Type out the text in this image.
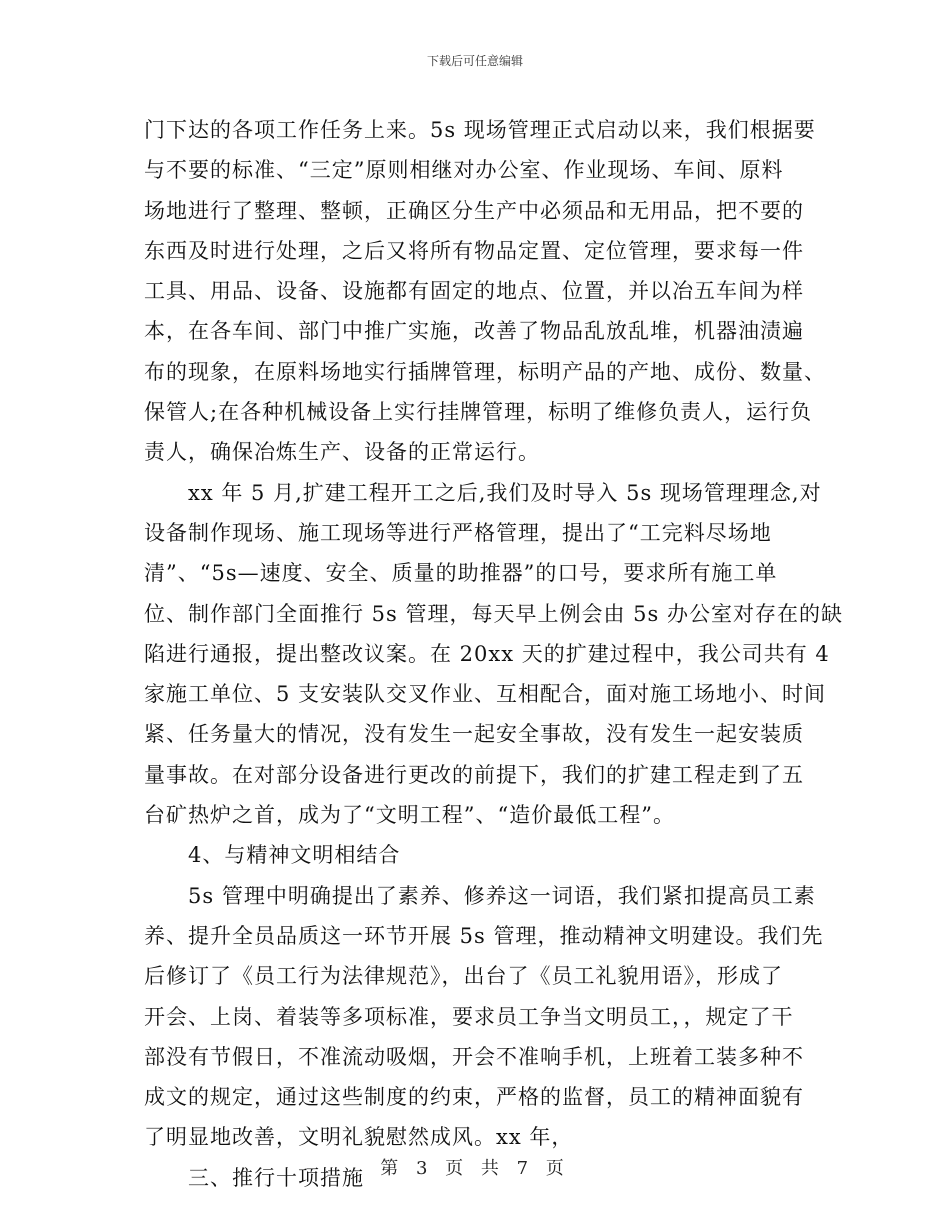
下载后可任意编辑
门下达的各项工作任务上来。5s 现场管理正式启动以来，我们根据要
与不要的标准、“三定”原则相继对办公室、作业现场、车间、原料
场地进行了整理、整顿，正确区分生产中必须品和无用品，把不要的
东西及时进行处理，之后又将所有物品定置、定位管理，要求每一件
工具、用品、设备、设施都有固定的地点、位置，并以冶五车间为样
本，在各车间、部门中推广实施，改善了物品乱放乱堆，机器油渍遍
布的现象，在原料场地实行插牌管理，标明产品的产地、成份、数量、
保管人;在各种机械设备上实行挂牌管理，标明了维修负责人，运行负
责人，确保冶炼生产、设备的正常运行。
xx 年 5 月,扩建工程开工之后,我们及时导入 5s 现场管理理念,对
设备制作现场、施工现场等进行严格管理，提出了“工完料尽场地
清”、“5s—速度、安全、质量的助推器”的口号，要求所有施工单
位、制作部门全面推行 5s 管理，每天早上例会由 5s 办公室对存在的缺
陷进行通报，提出整改议案。在 20xx 天的扩建过程中，我公司共有 4
家施工单位、5 支安装队交叉作业、互相配合，面对施工场地小、时间
紧、任务量大的情况，没有发生一起安全事故，没有发生一起安装质
量事故。在对部分设备进行更改的前提下，我们的扩建工程走到了五
台矿热炉之首，成为了“文明工程”、“造价最低工程”。
4、与精神文明相结合
5s 管理中明确提出了素养、修养这一词语，我们紧扣提高员工素
养、提升全员品质这一环节开展 5s 管理，推动精神文明建设。我们先
后修订了《员工行为法律规范》，出台了《员工礼貌用语》，形成了
开会、上岗、着装等多项标准，要求员工争当文明员工，，规定了干
部没有节假日，不准流动吸烟，开会不准响手机，上班着工装多种不
成文的规定，通过这些制度的约束，严格的监督，员工的精神面貌有
了明显地改善，文明礼貌慰然成风。xx 年，
三、推行十项措施 第 3 页 共 7 页
